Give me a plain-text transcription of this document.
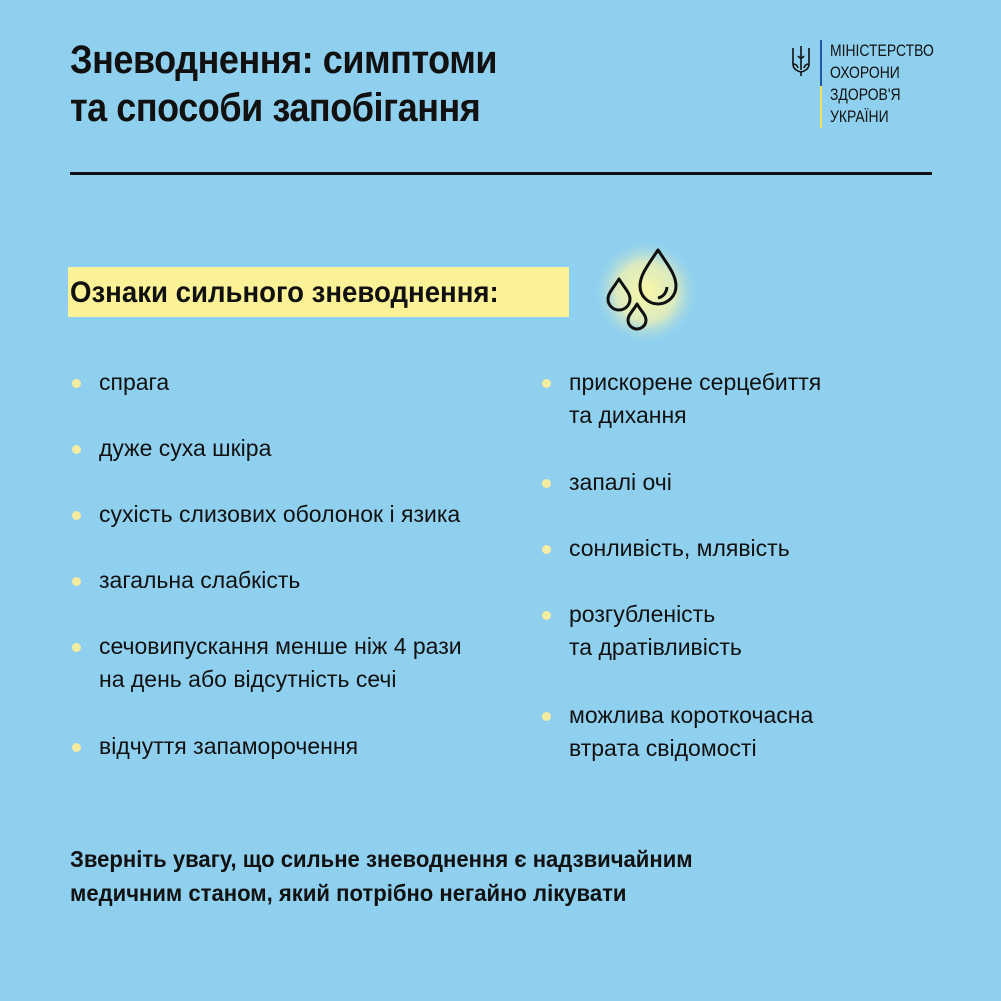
Зневоднення: симптоми
та способи запобігання
МІНІСТЕРСТВО
ОХОРОНИ
ЗДОРОВ'Я
УКРАЇНИ
Ознаки сильного зневоднення:
спрага
дуже суха шкіра
сухість слизових оболонок і язика
загальна слабкість
сечовипускання менше ніж 4 рази
на день або відсутність сечі
відчуття запаморочення
прискорене серцебиття
та дихання
запалі очі
сонливість, млявість
розгубленість
та дратівливість
можлива короткочасна
втрата свідомості
Зверніть увагу, що сильне зневоднення є надзвичайним
медичним станом, який потрібно негайно лікувати
